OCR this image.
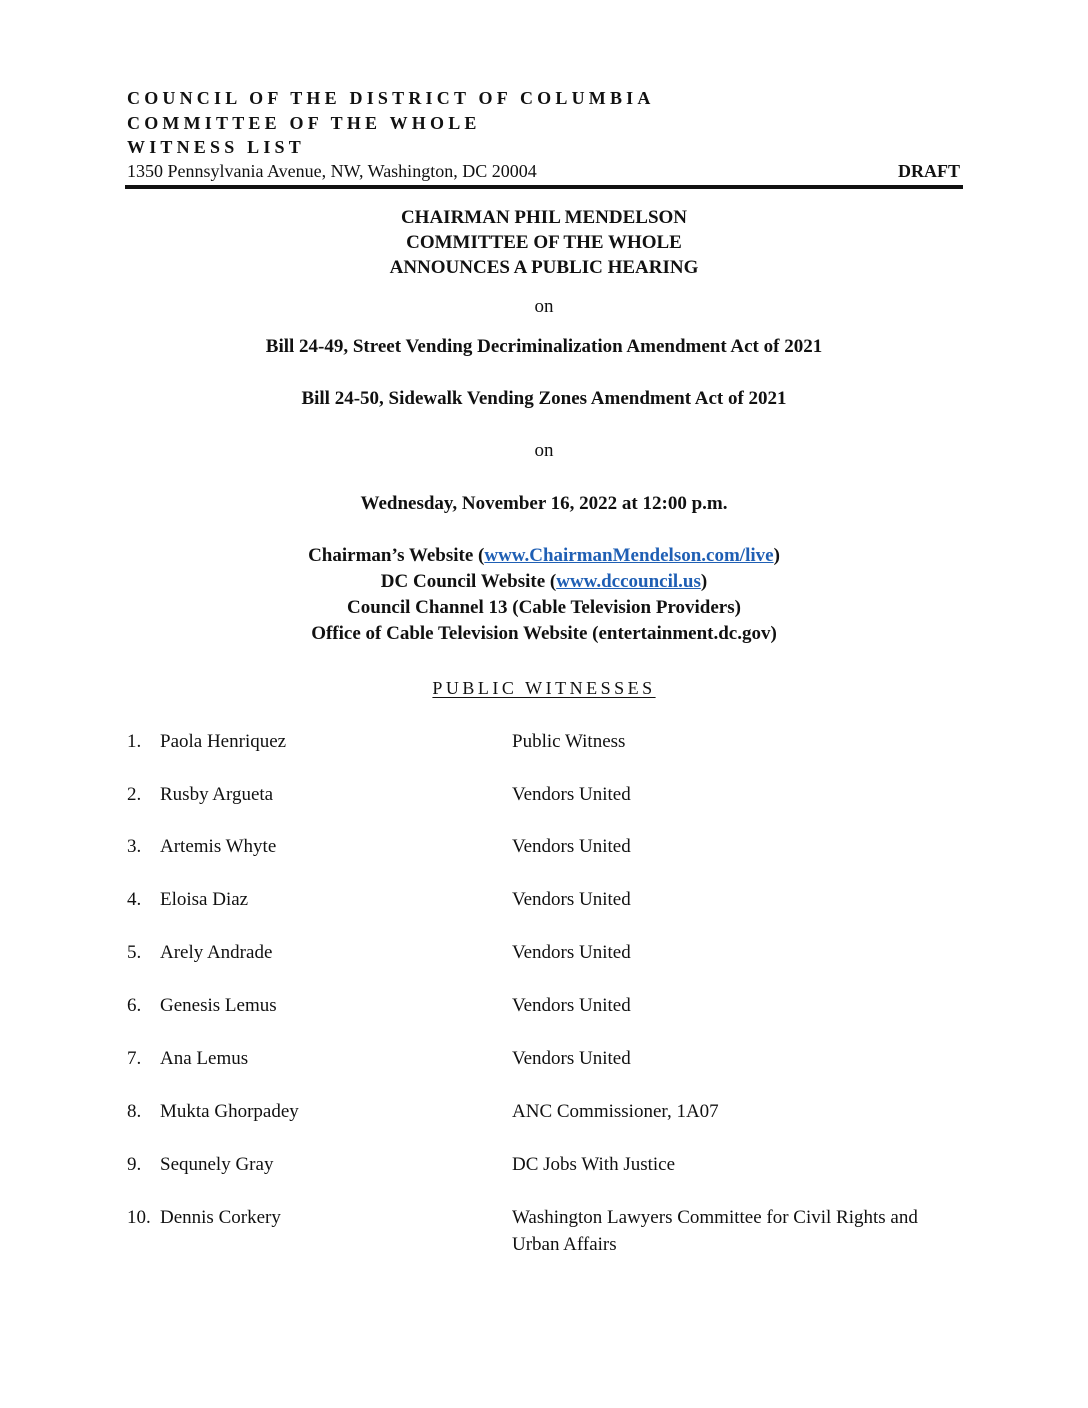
COUNCIL OF THE DISTRICT OF COLUMBIA
COMMITTEE OF THE WHOLE
WITNESS LIST
1350 Pennsylvania Avenue, NW, Washington, DC 20004	DRAFT
CHAIRMAN PHIL MENDELSON
COMMITTEE OF THE WHOLE
ANNOUNCES A PUBLIC HEARING
on
Bill 24-49, Street Vending Decriminalization Amendment Act of 2021
Bill 24-50, Sidewalk Vending Zones Amendment Act of 2021
on
Wednesday, November 16, 2022 at 12:00 p.m.
Chairman’s Website (www.ChairmanMendelson.com/live)
DC Council Website (www.dccouncil.us)
Council Channel 13 (Cable Television Providers)
Office of Cable Television Website (entertainment.dc.gov)
PUBLIC WITNESSES
1. Paola Henriquez	Public Witness
2. Rusby Argueta	Vendors United
3. Artemis Whyte	Vendors United
4. Eloisa Diaz	Vendors United
5. Arely Andrade	Vendors United
6. Genesis Lemus	Vendors United
7. Ana Lemus	Vendors United
8. Mukta Ghorpadey	ANC Commissioner, 1A07
9. Sequnely Gray	DC Jobs With Justice
10. Dennis Corkery	Washington Lawyers Committee for Civil Rights and Urban Affairs
